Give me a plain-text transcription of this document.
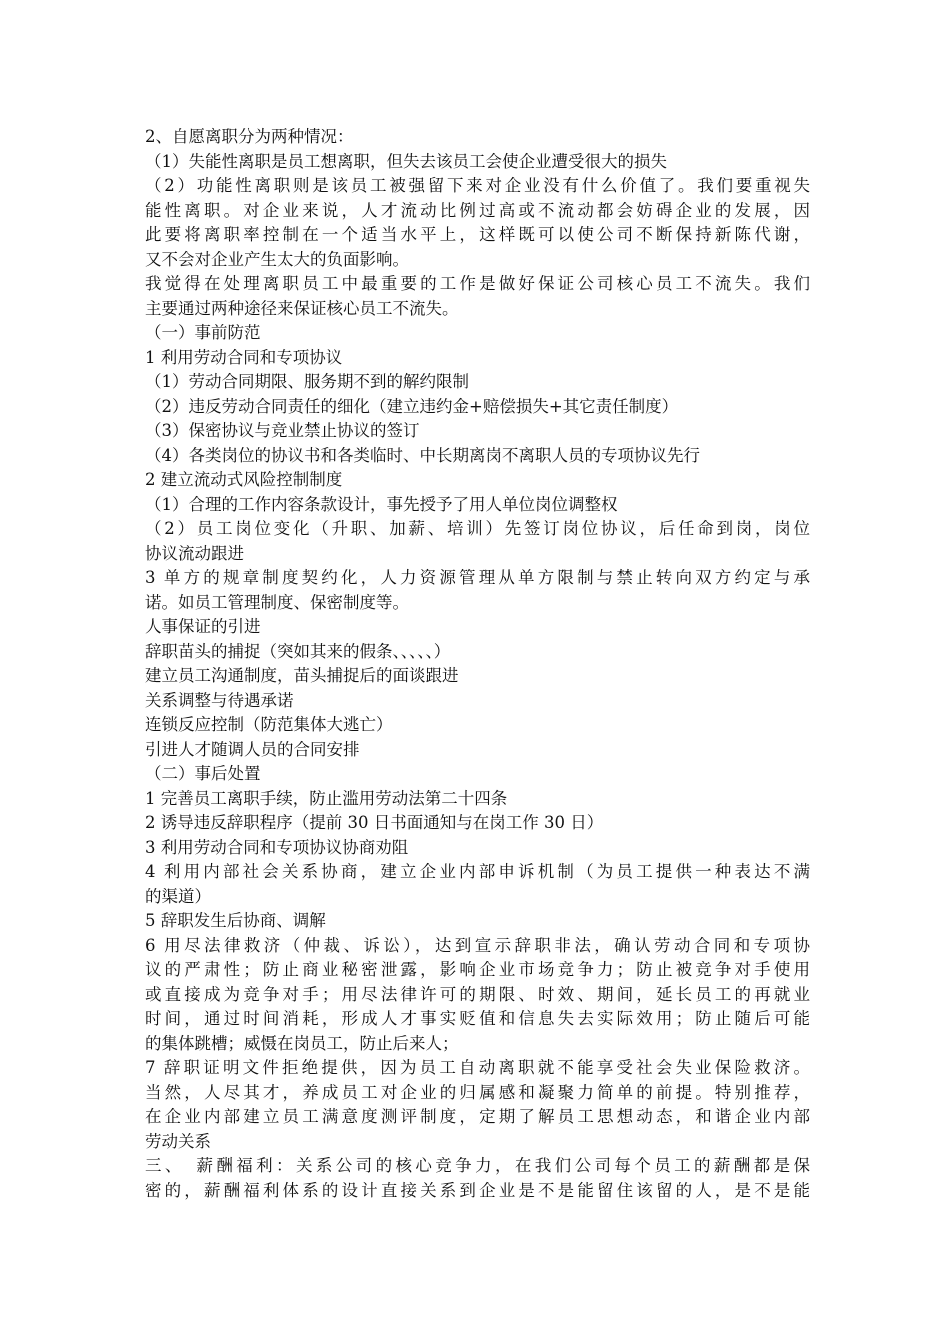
2、自愿离职分为两种情况：
（1）失能性离职是员工想离职，但失去该员工会使企业遭受很大的损失
（2）功能性离职则是该员工被强留下来对企业没有什么价值了。我们要重视失
能性离职。对企业来说，人才流动比例过高或不流动都会妨碍企业的发展，因
此要将离职率控制在一个适当水平上，这样既可以使公司不断保持新陈代谢，
又不会对企业产生太大的负面影响。
我觉得在处理离职员工中最重要的工作是做好保证公司核心员工不流失。我们
主要通过两种途径来保证核心员工不流失。
（一）事前防范
1 利用劳动合同和专项协议
（1）劳动合同期限、服务期不到的解约限制
（2）违反劳动合同责任的细化（建立违约金+赔偿损失+其它责任制度）
（3）保密协议与竞业禁止协议的签订
（4）各类岗位的协议书和各类临时、中长期离岗不离职人员的专项协议先行
2 建立流动式风险控制制度
（1）合理的工作内容条款设计，事先授予了用人单位岗位调整权
（2）员工岗位变化（升职、加薪、培训）先签订岗位协议，后任命到岗，岗位
协议流动跟进
3 单方的规章制度契约化，人力资源管理从单方限制与禁止转向双方约定与承
诺。如员工管理制度、保密制度等。
人事保证的引进
辞职苗头的捕捉（突如其来的假条、、、、、）
建立员工沟通制度，苗头捕捉后的面谈跟进
关系调整与待遇承诺
连锁反应控制（防范集体大逃亡）
引进人才随调人员的合同安排
（二）事后处置
1 完善员工离职手续，防止滥用劳动法第二十四条
2 诱导违反辞职程序（提前 30 日书面通知与在岗工作 30 日）
3 利用劳动合同和专项协议协商劝阻
4 利用内部社会关系协商，建立企业内部申诉机制（为员工提供一种表达不满
的渠道）
5 辞职发生后协商、调解
6 用尽法律救济（仲裁、诉讼），达到宣示辞职非法，确认劳动合同和专项协
议的严肃性；防止商业秘密泄露，影响企业市场竞争力；防止被竞争对手使用
或直接成为竞争对手；用尽法律许可的期限、时效、期间，延长员工的再就业
时间，通过时间消耗，形成人才事实贬值和信息失去实际效用；防止随后可能
的集体跳槽；威慑在岗员工，防止后来人；
7 辞职证明文件拒绝提供，因为员工自动离职就不能享受社会失业保险救济。
当然，人尽其才，养成员工对企业的归属感和凝聚力简单的前提。特别推荐，
在企业内部建立员工满意度测评制度，定期了解员工思想动态，和谐企业内部
劳动关系
三、　薪酬福利：关系公司的核心竞争力，在我们公司每个员工的薪酬都是保
密的，薪酬福利体系的设计直接关系到企业是不是能留住该留的人，是不是能
